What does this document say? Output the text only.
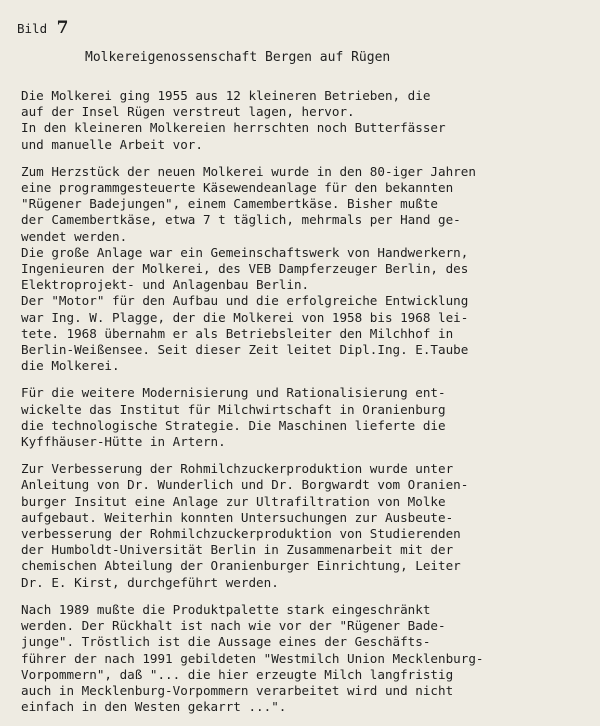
Bild 7
Molkereigenossenschaft Bergen auf Rügen
Die Molkerei ging 1955 aus 12 kleineren Betrieben, die
auf der Insel Rügen verstreut lagen, hervor.
In den kleineren Molkereien herrschten noch Butterfässer
und manuelle Arbeit vor.
Zum Herzstück der neuen Molkerei wurde in den 80-iger Jahren
eine programmgesteuerte Käsewendeanlage für den bekannten
"Rügener Badejungen", einem Camembertkäse. Bisher mußte
der Camembertkäse, etwa 7 t täglich, mehrmals per Hand ge-
wendet werden.
Die große Anlage war ein Gemeinschaftswerk von Handwerkern,
Ingenieuren der Molkerei, des VEB Dampferzeuger Berlin, des
Elektroprojekt- und Anlagenbau Berlin.
Der "Motor" für den Aufbau und die erfolgreiche Entwicklung
war Ing. W. Plagge, der die Molkerei von 1958 bis 1968 lei-
tete. 1968 übernahm er als Betriebsleiter den Milchhof in
Berlin-Weißensee. Seit dieser Zeit leitet Dipl.Ing. E.Taube
die Molkerei.
Für die weitere Modernisierung und Rationalisierung ent-
wickelte das Institut für Milchwirtschaft in Oranienburg
die technologische Strategie. Die Maschinen lieferte die
Kyffhäuser-Hütte in Artern.
Zur Verbesserung der Rohmilchzuckerproduktion wurde unter
Anleitung von Dr. Wunderlich und Dr. Borgwardt vom Oranien-
burger Insitut eine Anlage zur Ultrafiltration von Molke
aufgebaut. Weiterhin konnten Untersuchungen zur Ausbeute-
verbesserung der Rohmilchzuckerproduktion von Studierenden
der Humboldt-Universität Berlin in Zusammenarbeit mit der
chemischen Abteilung der Oranienburger Einrichtung, Leiter
Dr. E. Kirst, durchgeführt werden.
Nach 1989 mußte die Produktpalette stark eingeschränkt
werden. Der Rückhalt ist nach wie vor der "Rügener Bade-
junge". Tröstlich ist die Aussage eines der Geschäfts-
führer der nach 1991 gebildeten "Westmilch Union Mecklenburg-
Vorpommern", daß "... die hier erzeugte Milch langfristig
auch in Mecklenburg-Vorpommern verarbeitet wird und nicht
einfach in den Westen gekarrt ...".
